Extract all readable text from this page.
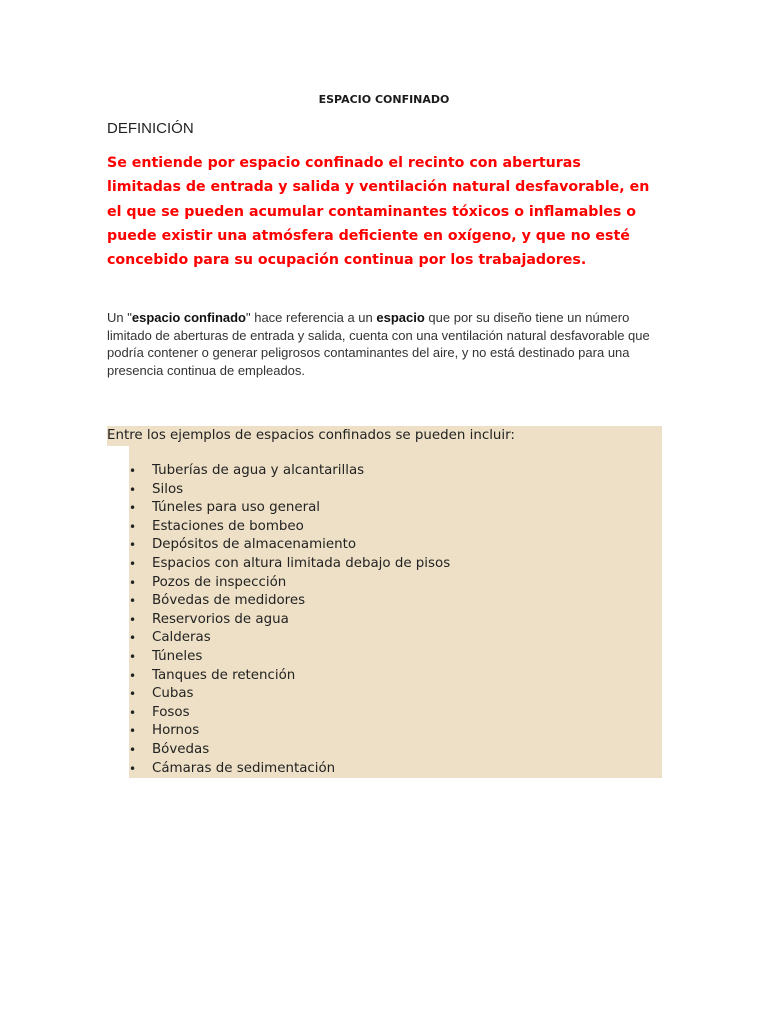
ESPACIO CONFINADO
DEFINICIÓN
Se entiende por espacio confinado el recinto con aberturas limitadas de entrada y salida y ventilación natural desfavorable, en el que se pueden acumular contaminantes tóxicos o inflamables o puede existir una atmósfera deficiente en oxígeno, y que no esté concebido para su ocupación continua por los trabajadores.
Un "espacio confinado" hace referencia a un espacio que por su diseño tiene un número limitado de aberturas de entrada y salida, cuenta con una ventilación natural desfavorable que podría contener o generar peligrosos contaminantes del aire, y no está destinado para una presencia continua de empleados.
Entre los ejemplos de espacios confinados se pueden incluir:
• Tuberías de agua y alcantarillas
• Silos
• Túneles para uso general
• Estaciones de bombeo
• Depósitos de almacenamiento
• Espacios con altura limitada debajo de pisos
• Pozos de inspección
• Bóvedas de medidores
• Reservorios de agua
• Calderas
• Túneles
• Tanques de retención
• Cubas
• Fosos
• Hornos
• Bóvedas
• Cámaras de sedimentación
